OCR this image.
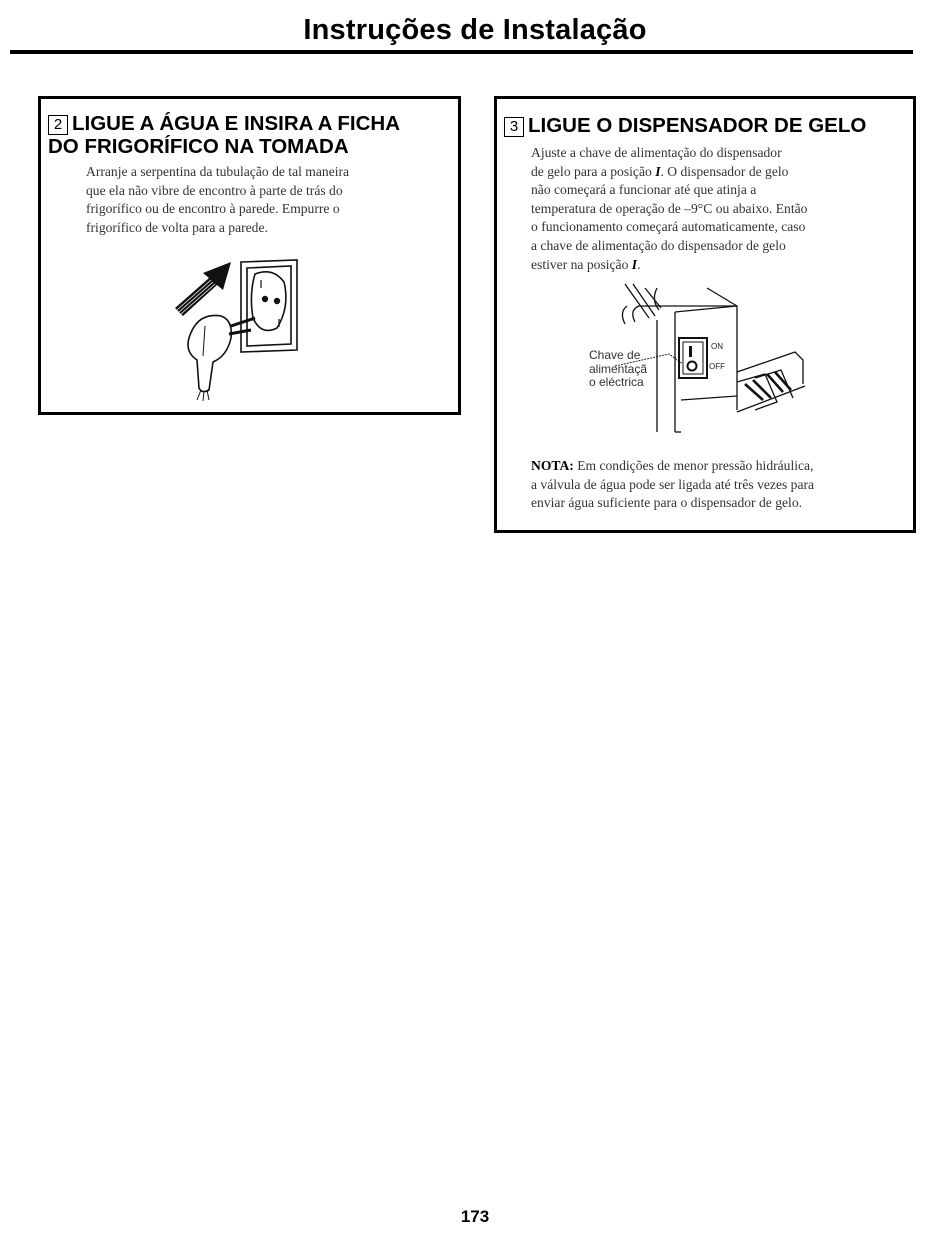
Instruções de Instalação
2 LIGUE A ÁGUA E INSIRA A FICHA
DO FRIGORÍFICO NA TOMADA
Arranje a serpentina da tubulação de tal maneira
que ela não vibre de encontro à parte de trás do
frigorífico ou de encontro à parede. Empurre o
frigorífico de volta para a parede.
3 LIGUE O DISPENSADOR DE GELO
Ajuste a chave de alimentação do dispensador
de gelo para a posição I. O dispensador de gelo
não começará a funcionar até que atinja a
temperatura de operação de –9°C ou abaixo. Então
o funcionamento começará automaticamente, caso
a chave de alimentação do dispensador de gelo
estiver na posição I.
ON
OFF
Chave de
alimentaçã
o eléctrica
NOTA: Em condições de menor pressão hidráulica,
a válvula de água pode ser ligada até três vezes para
enviar água suficiente para o dispensador de gelo.
173
